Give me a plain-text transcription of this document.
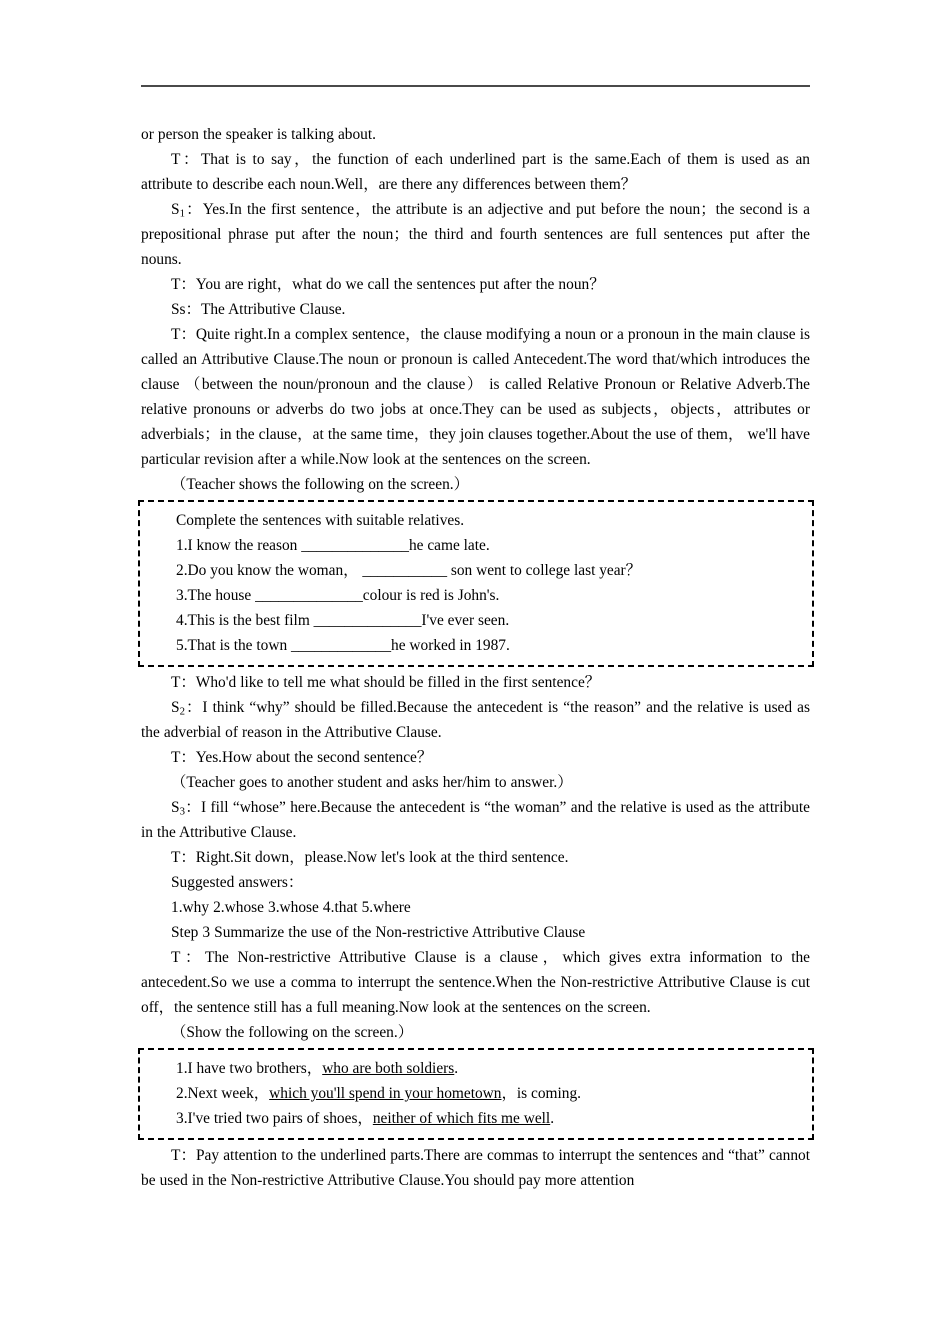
or person the speaker is talking about.

T：That is to say，the function of each underlined part is the same.Each of them is used as an attribute to describe each noun.Well，are there any differences between them？

$S_1$：Yes.In the first sentence，the attribute is an adjective and put before the noun；the second is a prepositional phrase put after the noun；the third and fourth sentences are full sentences put after the nouns.

T：You are right，what do we call the sentences put after the noun？

Ss：The Attributive Clause.

T：Quite right.In a complex sentence，the clause modifying a noun or a pronoun in the main clause is called an Attributive Clause.The noun or pronoun is called Antecedent.The word that/which introduces the clause （between the noun/pronoun and the clause） is called Relative Pronoun or Relative Adverb.The relative pronouns or adverbs do two jobs at once.They can be used as subjects，objects，attributes or adverbials；in the clause，at the same time，they join clauses together.About the use of them， we'll have particular revision after a while.Now look at the sentences on the screen.

（Teacher shows the following on the screen.）

Complete the sentences with suitable relatives.

1.I know the reason ______________he came late.

2.Do you know the woman， ___________ son went to college last year？

3.The house ______________colour is red is John's.

4.This is the best film ______________I've ever seen.

5.That is the town _____________he worked in 1987.

T：Who'd like to tell me what should be filled in the first sentence？

$S_2$：I think “why” should be filled.Because the antecedent is “the reason” and the relative is used as the adverbial of reason in the Attributive Clause.

T：Yes.How about the second sentence？

（Teacher goes to another student and asks her/him to answer.）

$S_3$：I fill “whose” here.Because the antecedent is “the woman” and the relative is used as the attribute in the Attributive Clause.

T：Right.Sit down，please.Now let's look at the third sentence.

Suggested answers：

1.why 2.whose 3.whose 4.that 5.where

Step 3 Summarize the use of the Non-restrictive Attributive Clause

T：The Non-restrictive Attributive Clause is a clause，which gives extra information to the antecedent.So we use a comma to interrupt the sentence.When the Non-restrictive Attributive Clause is cut off，the sentence still has a full meaning.Now look at the sentences on the screen.

（Show the following on the screen.）

1.I have two brothers，who are both soldiers.

2.Next week，which you'll spend in your hometown，is coming.

3.I've tried two pairs of shoes，neither of which fits me well.

T：Pay attention to the underlined parts.There are commas to interrupt the sentences and “that” cannot be used in the Non-restrictive Attributive Clause.You should pay more attention
